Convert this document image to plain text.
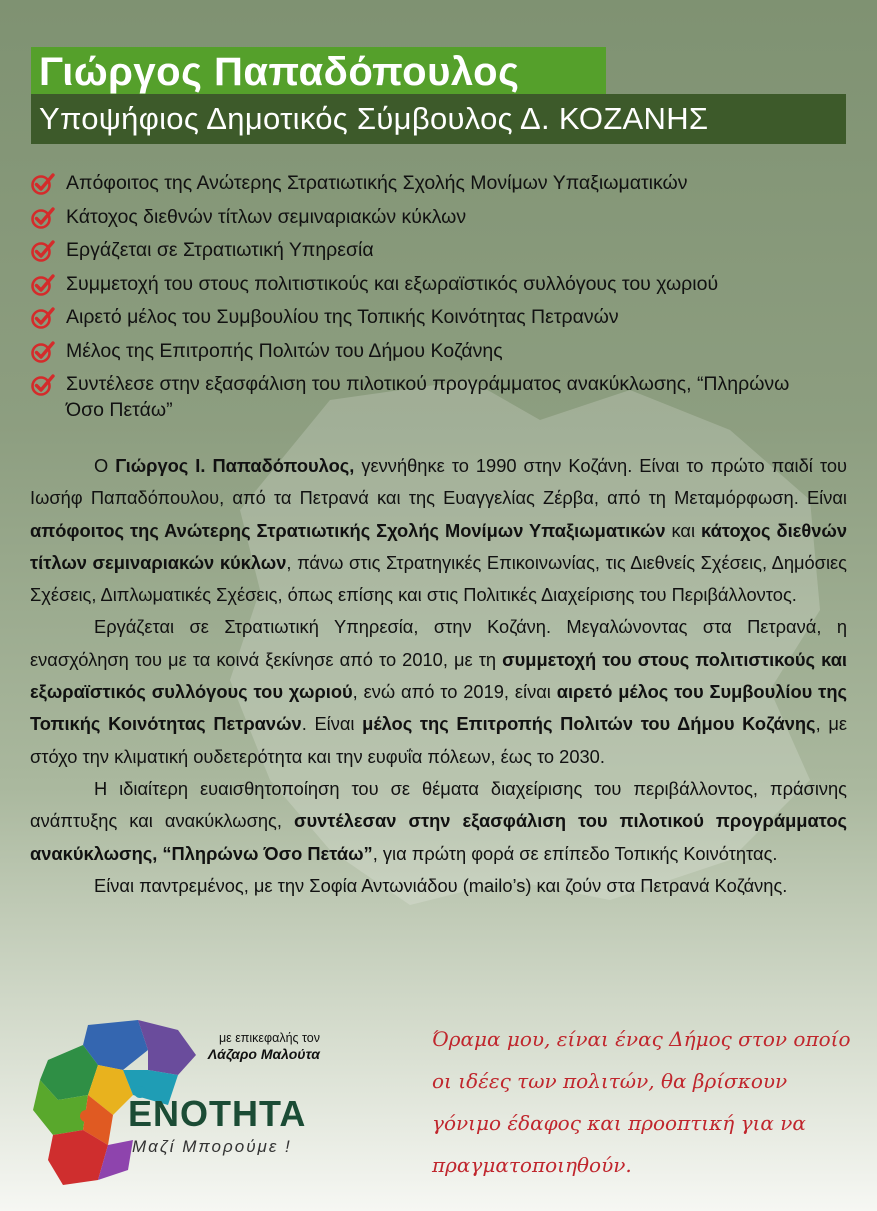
Γιώργος Παπαδόπουλος
Υποψήφιος Δημοτικός Σύμβουλος Δ. ΚΟΖΑΝΗΣ
Απόφοιτος της Ανώτερης Στρατιωτικής Σχολής Μονίμων Υπαξιωματικών
Κάτοχος διεθνών τίτλων σεμιναριακών κύκλων
Εργάζεται σε Στρατιωτική Υπηρεσία
Συμμετοχή του στους πολιτιστικούς και εξωραϊστικός συλλόγους του χωριού
Αιρετό μέλος του Συμβουλίου της Τοπικής Κοινότητας Πετρανών
Μέλος της Επιτροπής Πολιτών του Δήμου Κοζάνης
Συντέλεσε στην εξασφάλιση του πιλοτικού προγράμματος ανακύκλωσης, “Πληρώνω Όσο Πετάω”

Ο Γιώργος Ι. Παπαδόπουλος, γεννήθηκε το 1990 στην Κοζάνη. Είναι το πρώτο παιδί του Ιωσήφ Παπαδόπουλου, από τα Πετρανά και της Ευαγγελίας Ζέρβα, από τη Μεταμόρφωση. Είναι απόφοιτος της Ανώτερης Στρατιωτικής Σχολής Μονίμων Υπαξιωματικών και κάτοχος διεθνών τίτλων σεμιναριακών κύκλων, πάνω στις Στρατηγικές Επικοινωνίας, τις Διεθνείς Σχέσεις, Δημόσιες Σχέσεις, Διπλωματικές Σχέσεις, όπως επίσης και στις Πολιτικές Διαχείρισης του Περιβάλλοντος.

Εργάζεται σε Στρατιωτική Υπηρεσία, στην Κοζάνη. Μεγαλώνοντας στα Πετρανά, η ενασχόληση του με τα κοινά ξεκίνησε από το 2010, με τη συμμετοχή του στους πολιτιστικούς και εξωραϊστικός συλλόγους του χωριού, ενώ από το 2019, είναι αιρετό μέλος του Συμβουλίου της Τοπικής Κοινότητας Πετρανών. Είναι μέλος της Επιτροπής Πολιτών του Δήμου Κοζάνης, με στόχο την κλιματική ουδετερότητα και την ευφυΐα πόλεων, έως το 2030.

Η ιδιαίτερη ευαισθητοποίηση του σε θέματα διαχείρισης του περιβάλλοντος, πράσινης ανάπτυξης και ανακύκλωσης, συντέλεσαν στην εξασφάλιση του πιλοτικού προγράμματος ανακύκλωσης, “Πληρώνω Όσο Πετάω”, για πρώτη φορά σε επίπεδο Τοπικής Κοινότητας.

Είναι παντρεμένος, με την Σοφία Αντωνιάδου (mailo’s) και ζούν στα Πετρανά Κοζάνης.

με επικεφαλής τον
Λάζαρο Μαλούτα
ΕΝΟΤΗΤΑ
Μαζί Μπορούμε !
Όραμα μου, είναι ένας Δήμος στον οποίο οι ιδέες των πολιτών, θα βρίσκουν γόνιμο έδαφος και προοπτική για να πραγματοποιηθούν.
